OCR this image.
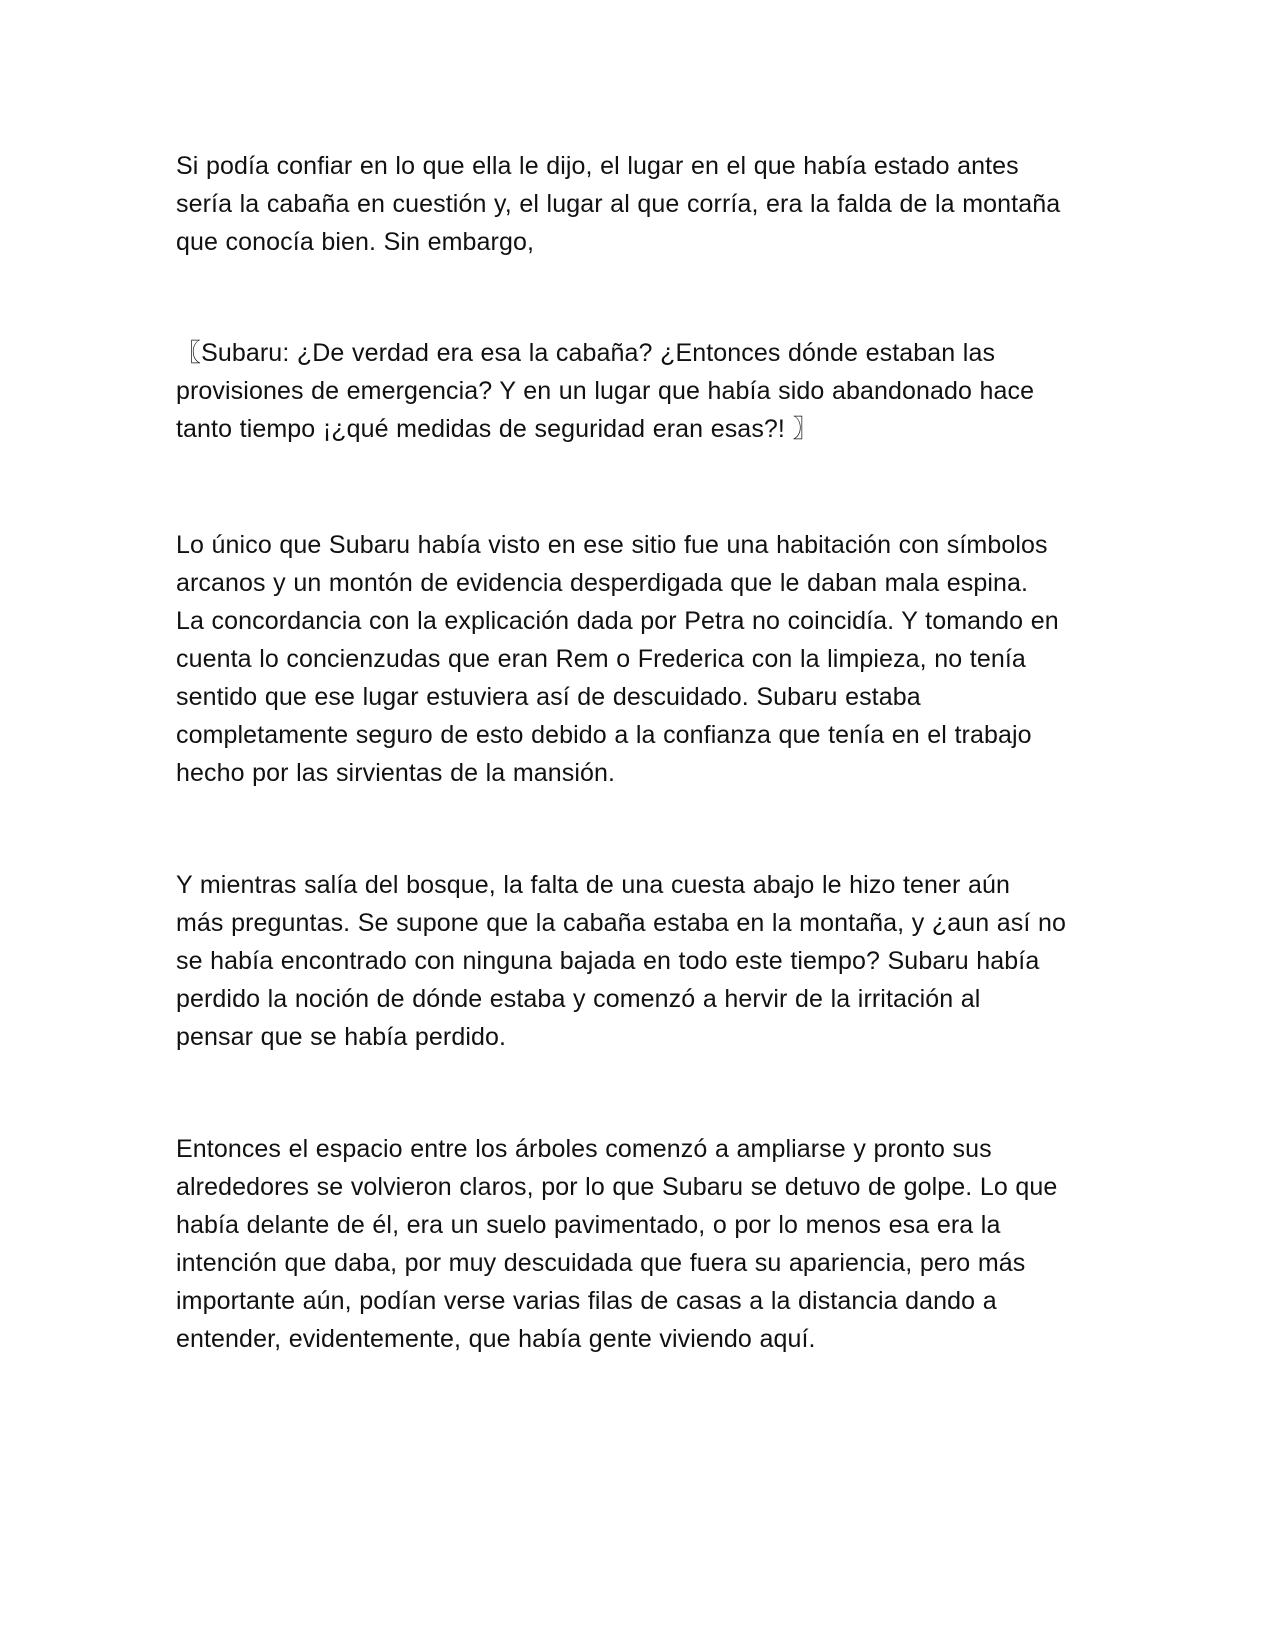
Si podía confiar en lo que ella le dijo, el lugar en el que había estado antes
sería la cabaña en cuestión y, el lugar al que corría, era la falda de la montaña
que conocía bien. Sin embargo,
〖Subaru: ¿De verdad era esa la cabaña? ¿Entonces dónde estaban las
provisiones de emergencia? Y en un lugar que había sido abandonado hace
tanto tiempo ¡¿qué medidas de seguridad eran esas?! 〗
Lo único que Subaru había visto en ese sitio fue una habitación con símbolos
arcanos y un montón de evidencia desperdigada que le daban mala espina.
La concordancia con la explicación dada por Petra no coincidía. Y tomando en
cuenta lo concienzudas que eran Rem o Frederica con la limpieza, no tenía
sentido que ese lugar estuviera así de descuidado. Subaru estaba
completamente seguro de esto debido a la confianza que tenía en el trabajo
hecho por las sirvientas de la mansión.
Y mientras salía del bosque, la falta de una cuesta abajo le hizo tener aún
más preguntas. Se supone que la cabaña estaba en la montaña, y ¿aun así no
se había encontrado con ninguna bajada en todo este tiempo? Subaru había
perdido la noción de dónde estaba y comenzó a hervir de la irritación al
pensar que se había perdido.
Entonces el espacio entre los árboles comenzó a ampliarse y pronto sus
alrededores se volvieron claros, por lo que Subaru se detuvo de golpe. Lo que
había delante de él, era un suelo pavimentado, o por lo menos esa era la
intención que daba, por muy descuidada que fuera su apariencia, pero más
importante aún, podían verse varias filas de casas a la distancia dando a
entender, evidentemente, que había gente viviendo aquí.
